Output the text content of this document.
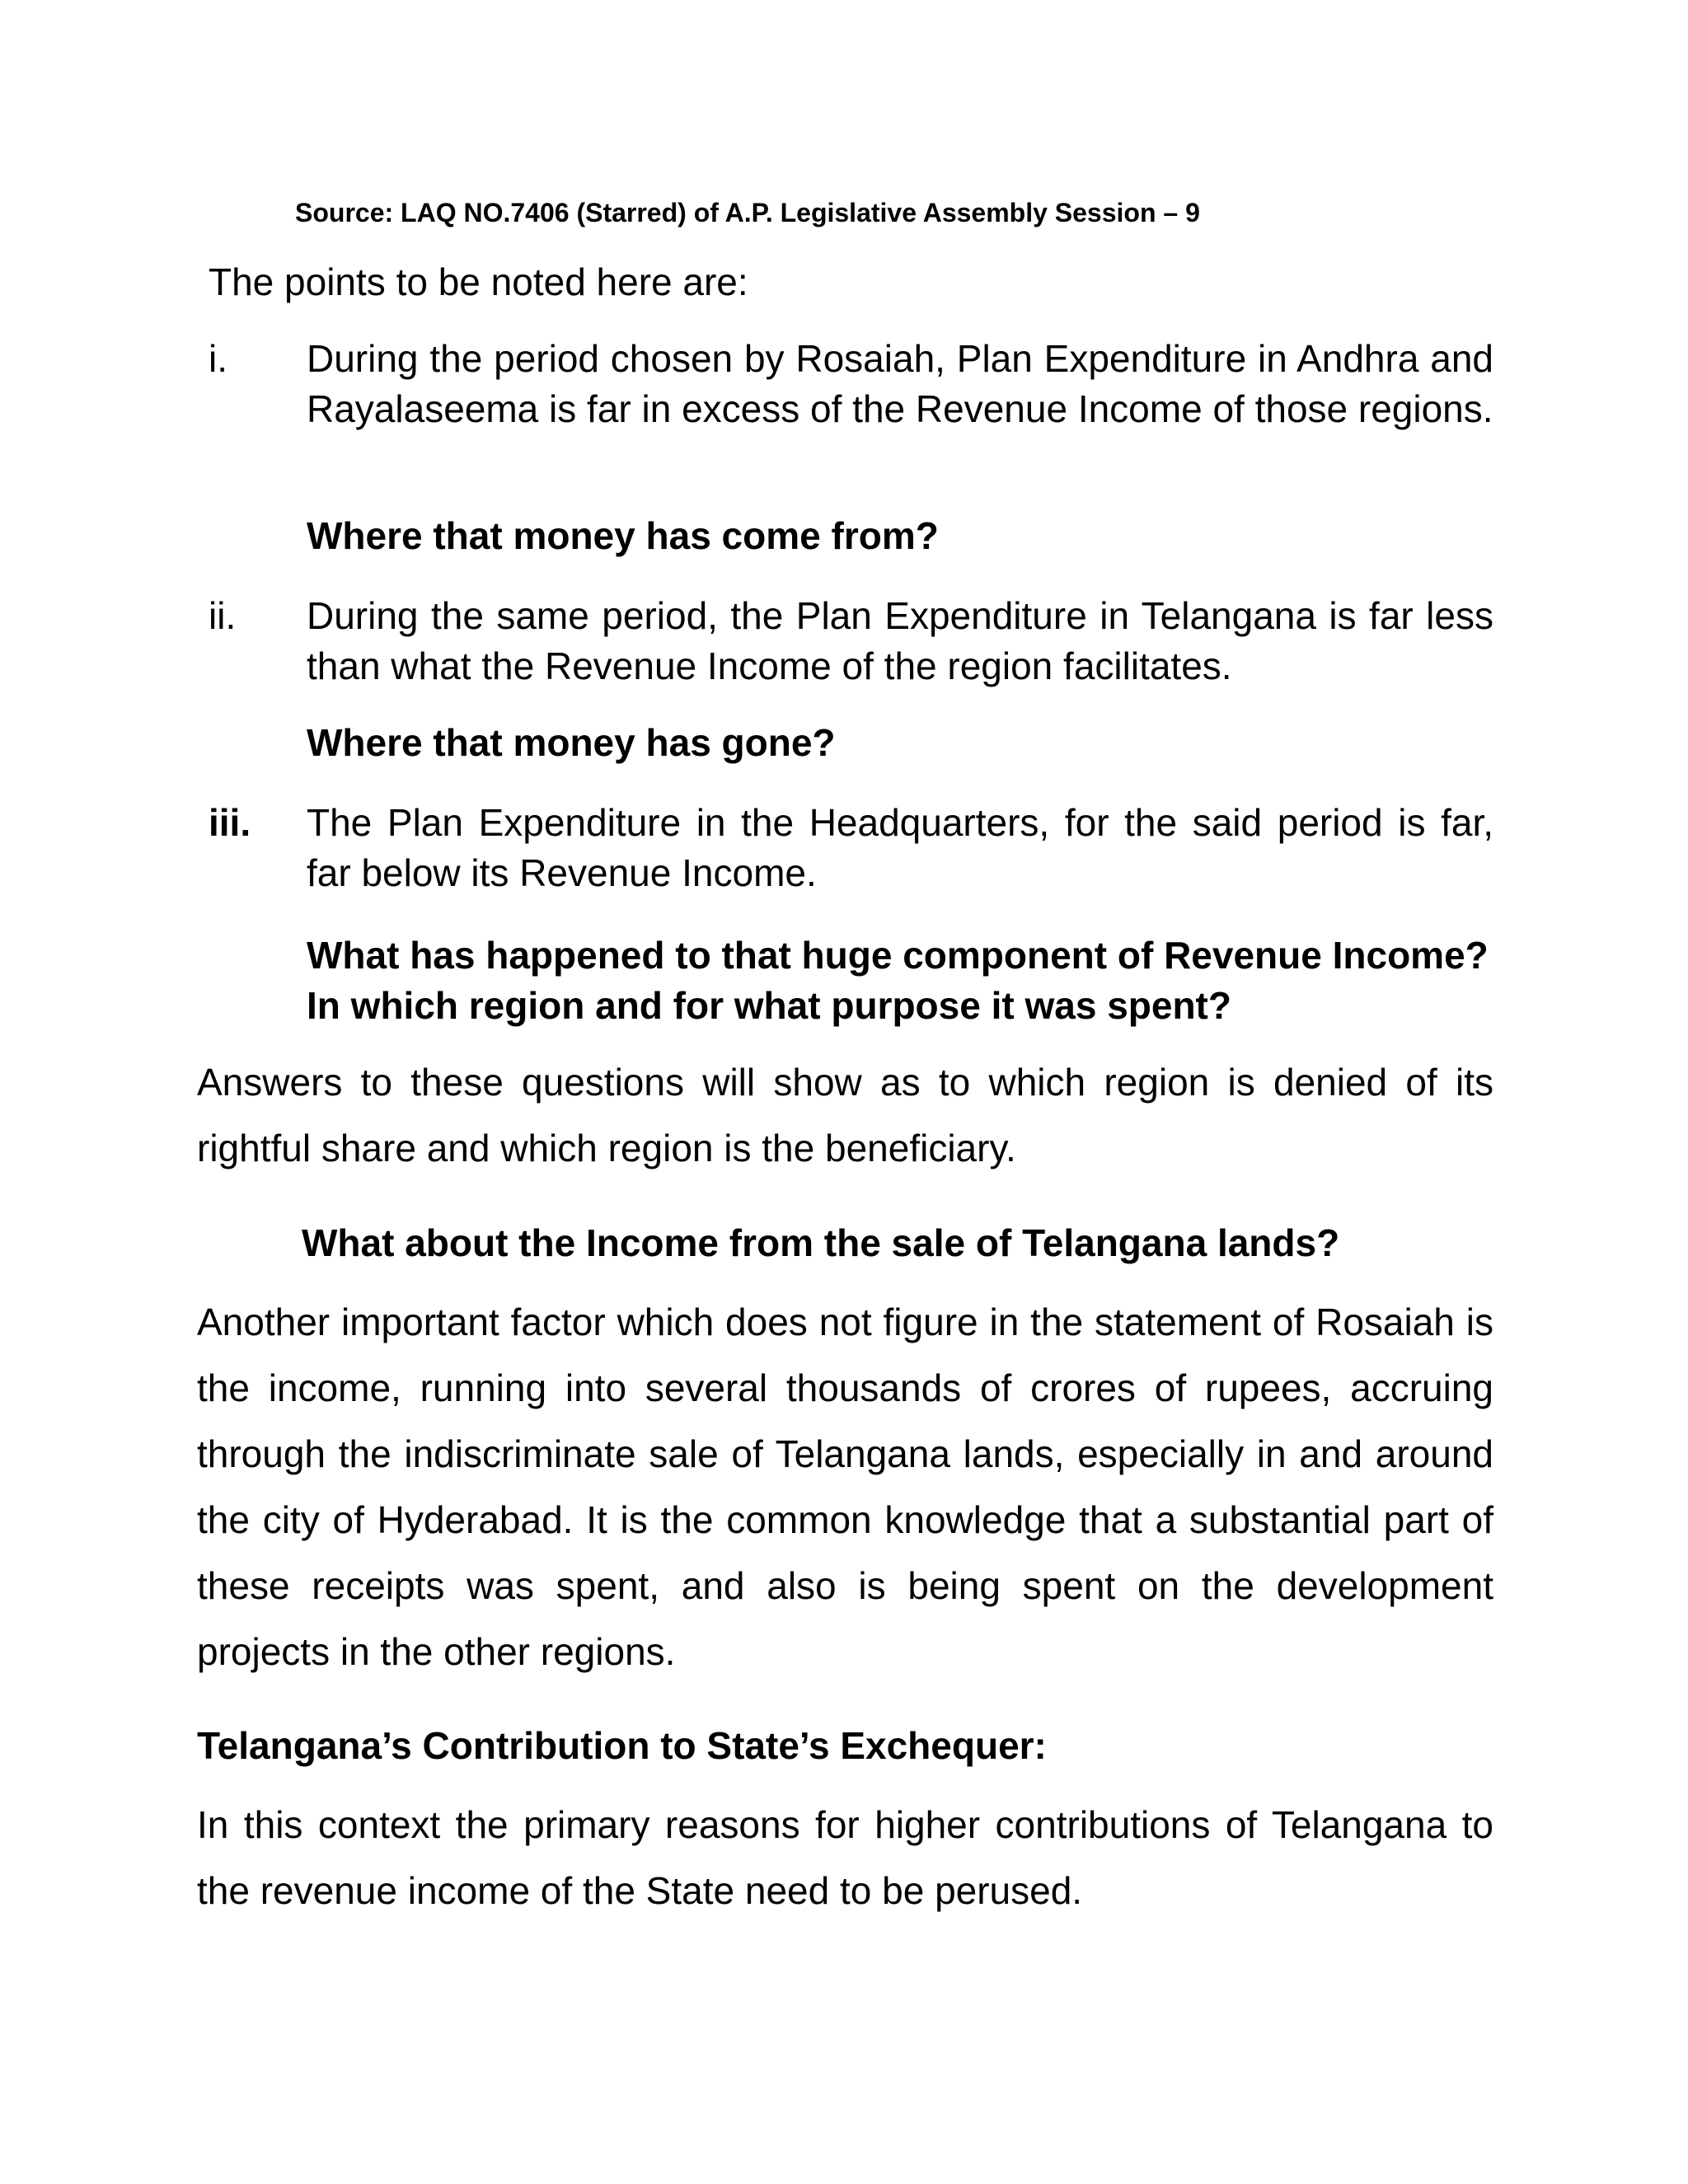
Source: LAQ NO.7406 (Starred) of A.P. Legislative Assembly Session – 9
The points to be noted here are:
i.	During the period chosen by Rosaiah, Plan Expenditure in Andhra and Rayalaseema is far in excess of the Revenue Income of those regions.
Where that money has come from?
ii.	During the same period, the Plan Expenditure in Telangana is far less than what the Revenue Income of the region facilitates.
Where that money has gone?
iii.	The Plan Expenditure in the Headquarters, for the said period is far, far below its Revenue Income.
What has happened to that huge component of Revenue Income? In which region and for what purpose it was spent?
Answers to these questions will show as to which region is denied of its rightful share and which region is the beneficiary.
What about the Income from the sale of Telangana lands?
Another important factor which does not figure in the statement of Rosaiah is the income, running into several thousands of crores of rupees, accruing through the indiscriminate sale of Telangana lands, especially in and around the city of Hyderabad. It is the common knowledge that a substantial part of these receipts was spent, and also is being spent on the development projects in the other regions.
Telangana’s Contribution to State’s Exchequer:
In this context the primary reasons for higher contributions of Telangana to the revenue income of the State need to be perused.
